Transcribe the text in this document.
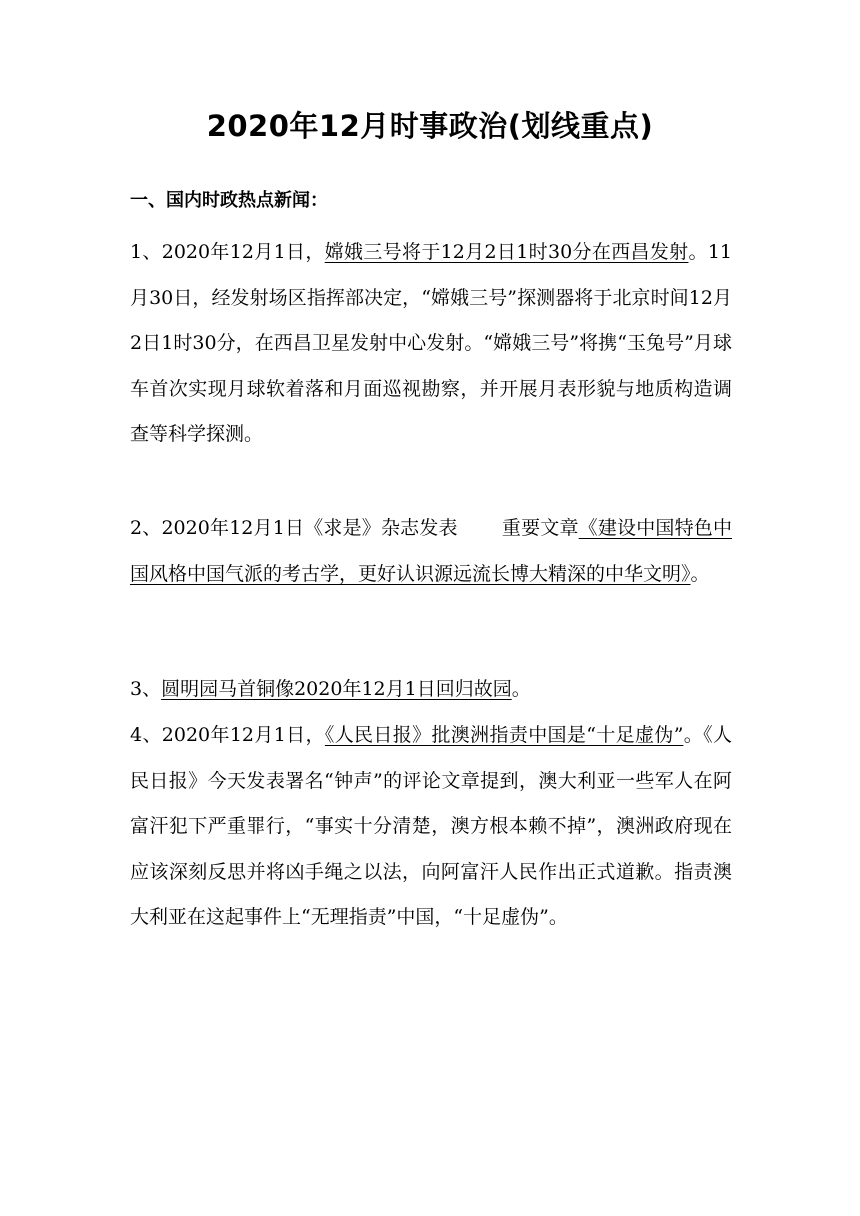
2020年12月时事政治(划线重点)
一、国内时政热点新闻：
1、2020年12月1日，嫦娥三号将于12月2日1时30分在西昌发射。11月30日，经发射场区指挥部决定，“嫦娥三号”探测器将于北京时间12月2日1时30分，在西昌卫星发射中心发射。“嫦娥三号”将携“玉兔号”月球车首次实现月球软着落和月面巡视勘察，并开展月表形貌与地质构造调查等科学探测。
2、2020年12月1日《求是》杂志发表 重要文章《建设中国特色中国风格中国气派的考古学，更好认识源远流长博大精深的中华文明》。
3、圆明园马首铜像2020年12月1日回归故园。
4、2020年12月1日，《人民日报》批澳洲指责中国是“十足虚伪”。《人民日报》今天发表署名“钟声”的评论文章提到，澳大利亚一些军人在阿富汗犯下严重罪行，“事实十分清楚，澳方根本赖不掉”，澳洲政府现在应该深刻反思并将凶手绳之以法，向阿富汗人民作出正式道歉。指责澳大利亚在这起事件上“无理指责”中国，“十足虚伪”。
